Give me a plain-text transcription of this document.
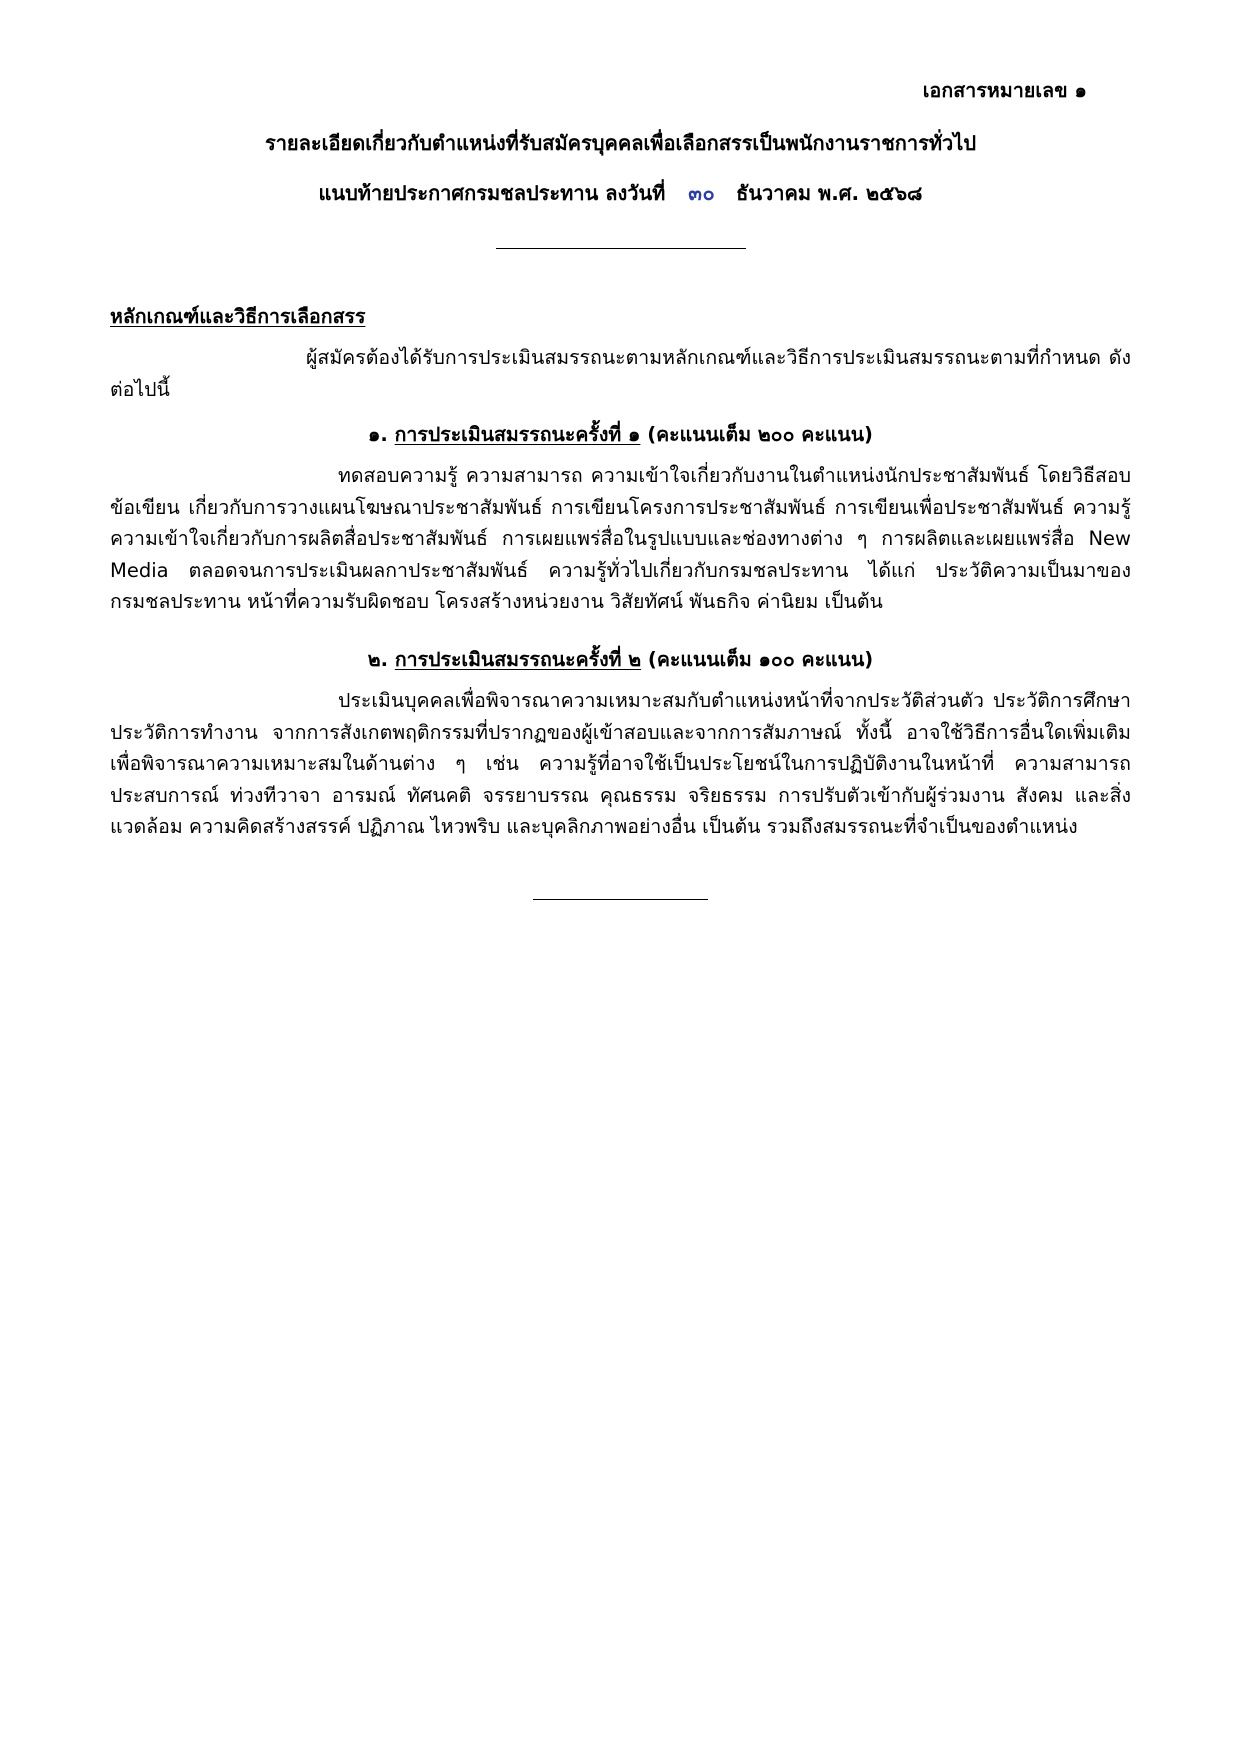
เอกสารหมายเลข ๑
รายละเอียดเกี่ยวกับตำแหน่งที่รับสมัครบุคคลเพื่อเลือกสรรเป็นพนักงานราชการทั่วไป
แนบท้ายประกาศกรมชลประทาน ลงวันที่ ๓๐ ธันวาคม พ.ศ. ๒๕๖๘
หลักเกณฑ์และวิธีการเลือกสรร

ผู้สมัครต้องได้รับการประเมินสมรรถนะตามหลักเกณฑ์และวิธีการประเมินสมรรถนะตามที่กำหนด ดังต่อไปนี้

๑. การประเมินสมรรถนะครั้งที่ ๑ (คะแนนเต็ม ๒๐๐ คะแนน)

ทดสอบความรู้ ความสามารถ ความเข้าใจเกี่ยวกับงานในตำแหน่งนักประชาสัมพันธ์ โดยวิธีสอบข้อเขียน เกี่ยวกับการวางแผนโฆษณาประชาสัมพันธ์ การเขียนโครงการประชาสัมพันธ์ การเขียนเพื่อประชาสัมพันธ์ ความรู้ความเข้าใจเกี่ยวกับการผลิตสื่อประชาสัมพันธ์ การเผยแพร่สื่อในรูปแบบและช่องทางต่าง ๆ การผลิตและเผยแพร่สื่อ New Media ตลอดจนการประเมินผลกาประชาสัมพันธ์ ความรู้ทั่วไปเกี่ยวกับกรมชลประทาน ได้แก่ ประวัติความเป็นมาของ กรมชลประทาน หน้าที่ความรับผิดชอบ โครงสร้างหน่วยงาน วิสัยทัศน์ พันธกิจ ค่านิยม เป็นต้น

๒. การประเมินสมรรถนะครั้งที่ ๒ (คะแนนเต็ม ๑๐๐ คะแนน)

ประเมินบุคคลเพื่อพิจารณาความเหมาะสมกับตำแหน่งหน้าที่จากประวัติส่วนตัว ประวัติการศึกษา ประวัติการทำงาน จากการสังเกตพฤติกรรมที่ปรากฏของผู้เข้าสอบและจากการสัมภาษณ์ ทั้งนี้ อาจใช้วิธีการอื่นใดเพิ่มเติมเพื่อพิจารณาความเหมาะสมในด้านต่าง ๆ เช่น ความรู้ที่อาจใช้เป็นประโยชน์ในการปฏิบัติงานในหน้าที่ ความสามารถ ประสบการณ์ ท่วงทีวาจา อารมณ์ ทัศนคติ จรรยาบรรณ คุณธรรม จริยธรรม การปรับตัวเข้ากับผู้ร่วมงาน สังคม และสิ่งแวดล้อม ความคิดสร้างสรรค์ ปฏิภาณ ไหวพริบ และบุคลิกภาพอย่างอื่น เป็นต้น รวมถึงสมรรถนะที่จำเป็นของตำแหน่ง
